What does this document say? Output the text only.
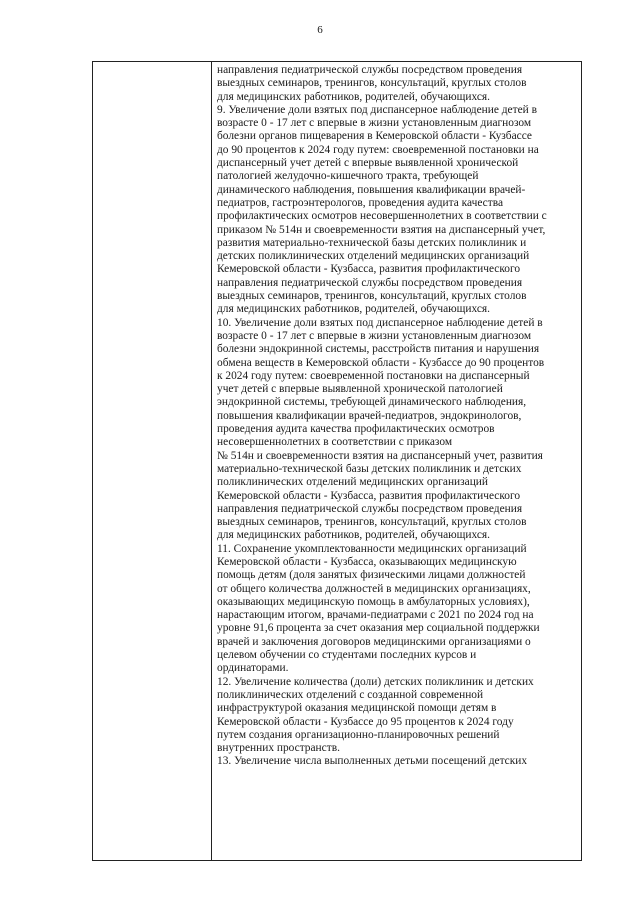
6
направления педиатрической службы посредством проведения
выездных семинаров, тренингов, консультаций, круглых столов
для медицинских работников, родителей, обучающихся.
9. Увеличение доли взятых под диспансерное наблюдение детей в
возрасте 0 - 17 лет с впервые в жизни установленным диагнозом
болезни органов пищеварения в Кемеровской области - Кузбассе
до 90 процентов к 2024 году путем: своевременной постановки на
диспансерный учет детей с впервые выявленной хронической
патологией желудочно-кишечного тракта, требующей
динамического наблюдения, повышения квалификации врачей-
педиатров, гастроэнтерологов, проведения аудита качества
профилактических осмотров несовершеннолетних в соответствии с
приказом № 514н и своевременности взятия на диспансерный учет,
развития материально-технической базы детских поликлиник и
детских поликлинических отделений медицинских организаций
Кемеровской области - Кузбасса, развития профилактического
направления педиатрической службы посредством проведения
выездных семинаров, тренингов, консультаций, круглых столов
для медицинских работников, родителей, обучающихся.
10. Увеличение доли взятых под диспансерное наблюдение детей в
возрасте 0 - 17 лет с впервые в жизни установленным диагнозом
болезни эндокринной системы, расстройств питания и нарушения
обмена веществ в Кемеровской области - Кузбассе до 90 процентов
к 2024 году путем: своевременной постановки на диспансерный
учет детей с впервые выявленной хронической патологией
эндокринной системы, требующей динамического наблюдения,
повышения квалификации врачей-педиатров, эндокринологов,
проведения аудита качества профилактических осмотров
несовершеннолетних в соответствии с приказом
№ 514н и своевременности взятия на диспансерный учет, развития
материально-технической базы детских поликлиник и детских
поликлинических отделений медицинских организаций
Кемеровской области - Кузбасса, развития профилактического
направления педиатрической службы посредством проведения
выездных семинаров, тренингов, консультаций, круглых столов
для медицинских работников, родителей, обучающихся.
11. Сохранение укомплектованности медицинских организаций
Кемеровской области - Кузбасса, оказывающих медицинскую
помощь детям (доля занятых физическими лицами должностей
от общего количества должностей в медицинских организациях,
оказывающих медицинскую помощь в амбулаторных условиях),
нарастающим итогом, врачами-педиатрами с 2021 по 2024 год на
уровне 91,6 процента за счет оказания мер социальной поддержки
врачей и заключения договоров медицинскими организациями о
целевом обучении со студентами последних курсов и
ординаторами.
12. Увеличение количества (доли) детских поликлиник и детских
поликлинических отделений с созданной современной
инфраструктурой оказания медицинской помощи детям в
Кемеровской области - Кузбассе до 95 процентов к 2024 году
путем создания организационно-планировочных решений
внутренних пространств.
13. Увеличение числа выполненных детьми посещений детских
